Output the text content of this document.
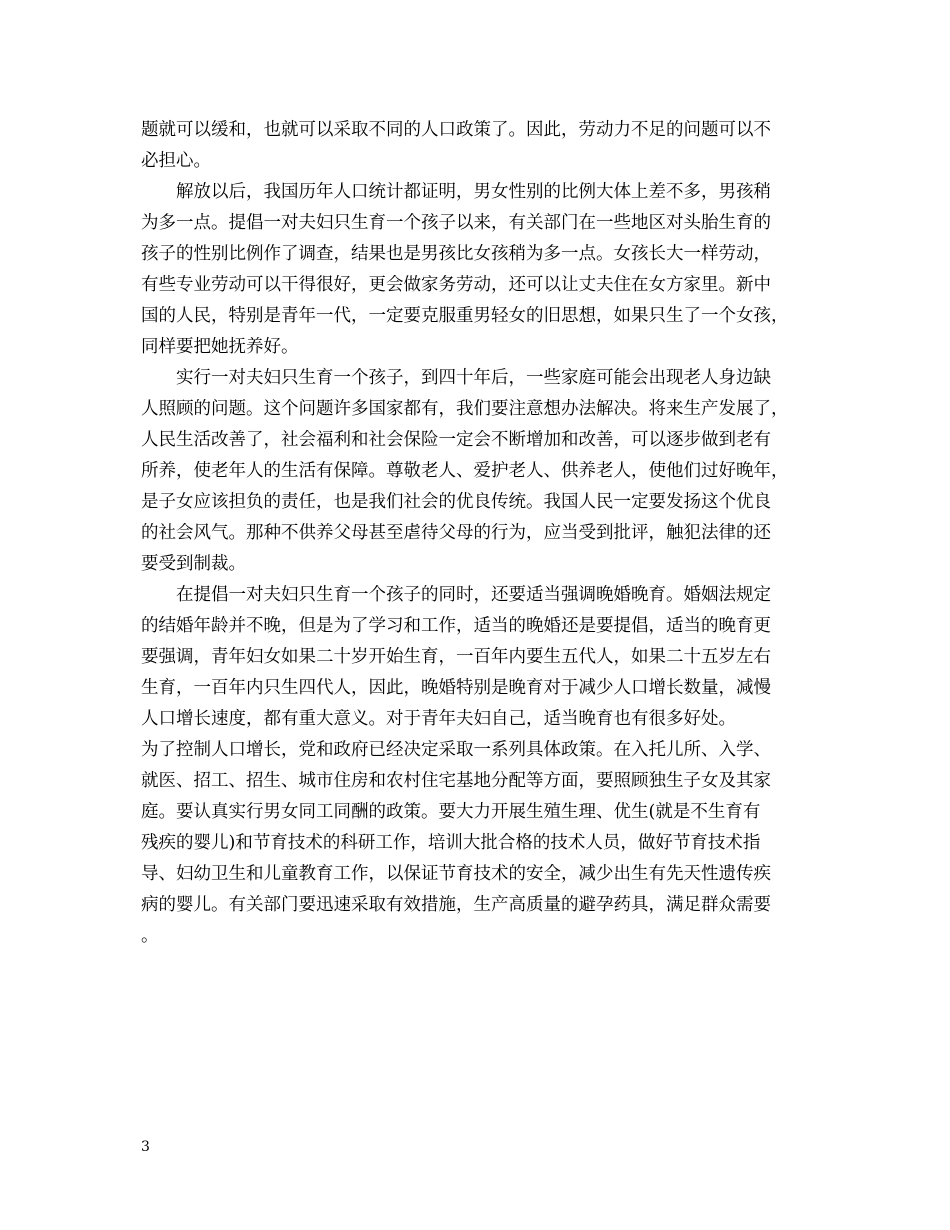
题就可以缓和，也就可以采取不同的人口政策了。因此，劳动力不足的问题可以不
必担心。
解放以后，我国历年人口统计都证明，男女性别的比例大体上差不多，男孩稍
为多一点。提倡一对夫妇只生育一个孩子以来，有关部门在一些地区对头胎生育的
孩子的性别比例作了调查，结果也是男孩比女孩稍为多一点。女孩长大一样劳动，
有些专业劳动可以干得很好，更会做家务劳动，还可以让丈夫住在女方家里。新中
国的人民，特别是青年一代，一定要克服重男轻女的旧思想，如果只生了一个女孩，
同样要把她抚养好。
实行一对夫妇只生育一个孩子，到四十年后，一些家庭可能会出现老人身边缺
人照顾的问题。这个问题许多国家都有，我们要注意想办法解决。将来生产发展了，
人民生活改善了，社会福利和社会保险一定会不断增加和改善，可以逐步做到老有
所养，使老年人的生活有保障。尊敬老人、爱护老人、供养老人，使他们过好晚年，
是子女应该担负的责任，也是我们社会的优良传统。我国人民一定要发扬这个优良
的社会风气。那种不供养父母甚至虐待父母的行为，应当受到批评，触犯法律的还
要受到制裁。
在提倡一对夫妇只生育一个孩子的同时，还要适当强调晚婚晚育。婚姻法规定
的结婚年龄并不晚，但是为了学习和工作，适当的晚婚还是要提倡，适当的晚育更
要强调，青年妇女如果二十岁开始生育，一百年内要生五代人，如果二十五岁左右
生育，一百年内只生四代人，因此，晚婚特别是晚育对于减少人口增长数量，减慢
人口增长速度，都有重大意义。对于青年夫妇自己，适当晚育也有很多好处。
为了控制人口增长，党和政府已经决定采取一系列具体政策。在入托儿所、入学、
就医、招工、招生、城市住房和农村住宅基地分配等方面，要照顾独生子女及其家
庭。要认真实行男女同工同酬的政策。要大力开展生殖生理、优生(就是不生育有
残疾的婴儿)和节育技术的科研工作，培训大批合格的技术人员，做好节育技术指
导、妇幼卫生和儿童教育工作，以保证节育技术的安全，减少出生有先天性遗传疾
病的婴儿。有关部门要迅速采取有效措施，生产高质量的避孕药具，满足群众需要
。
3
